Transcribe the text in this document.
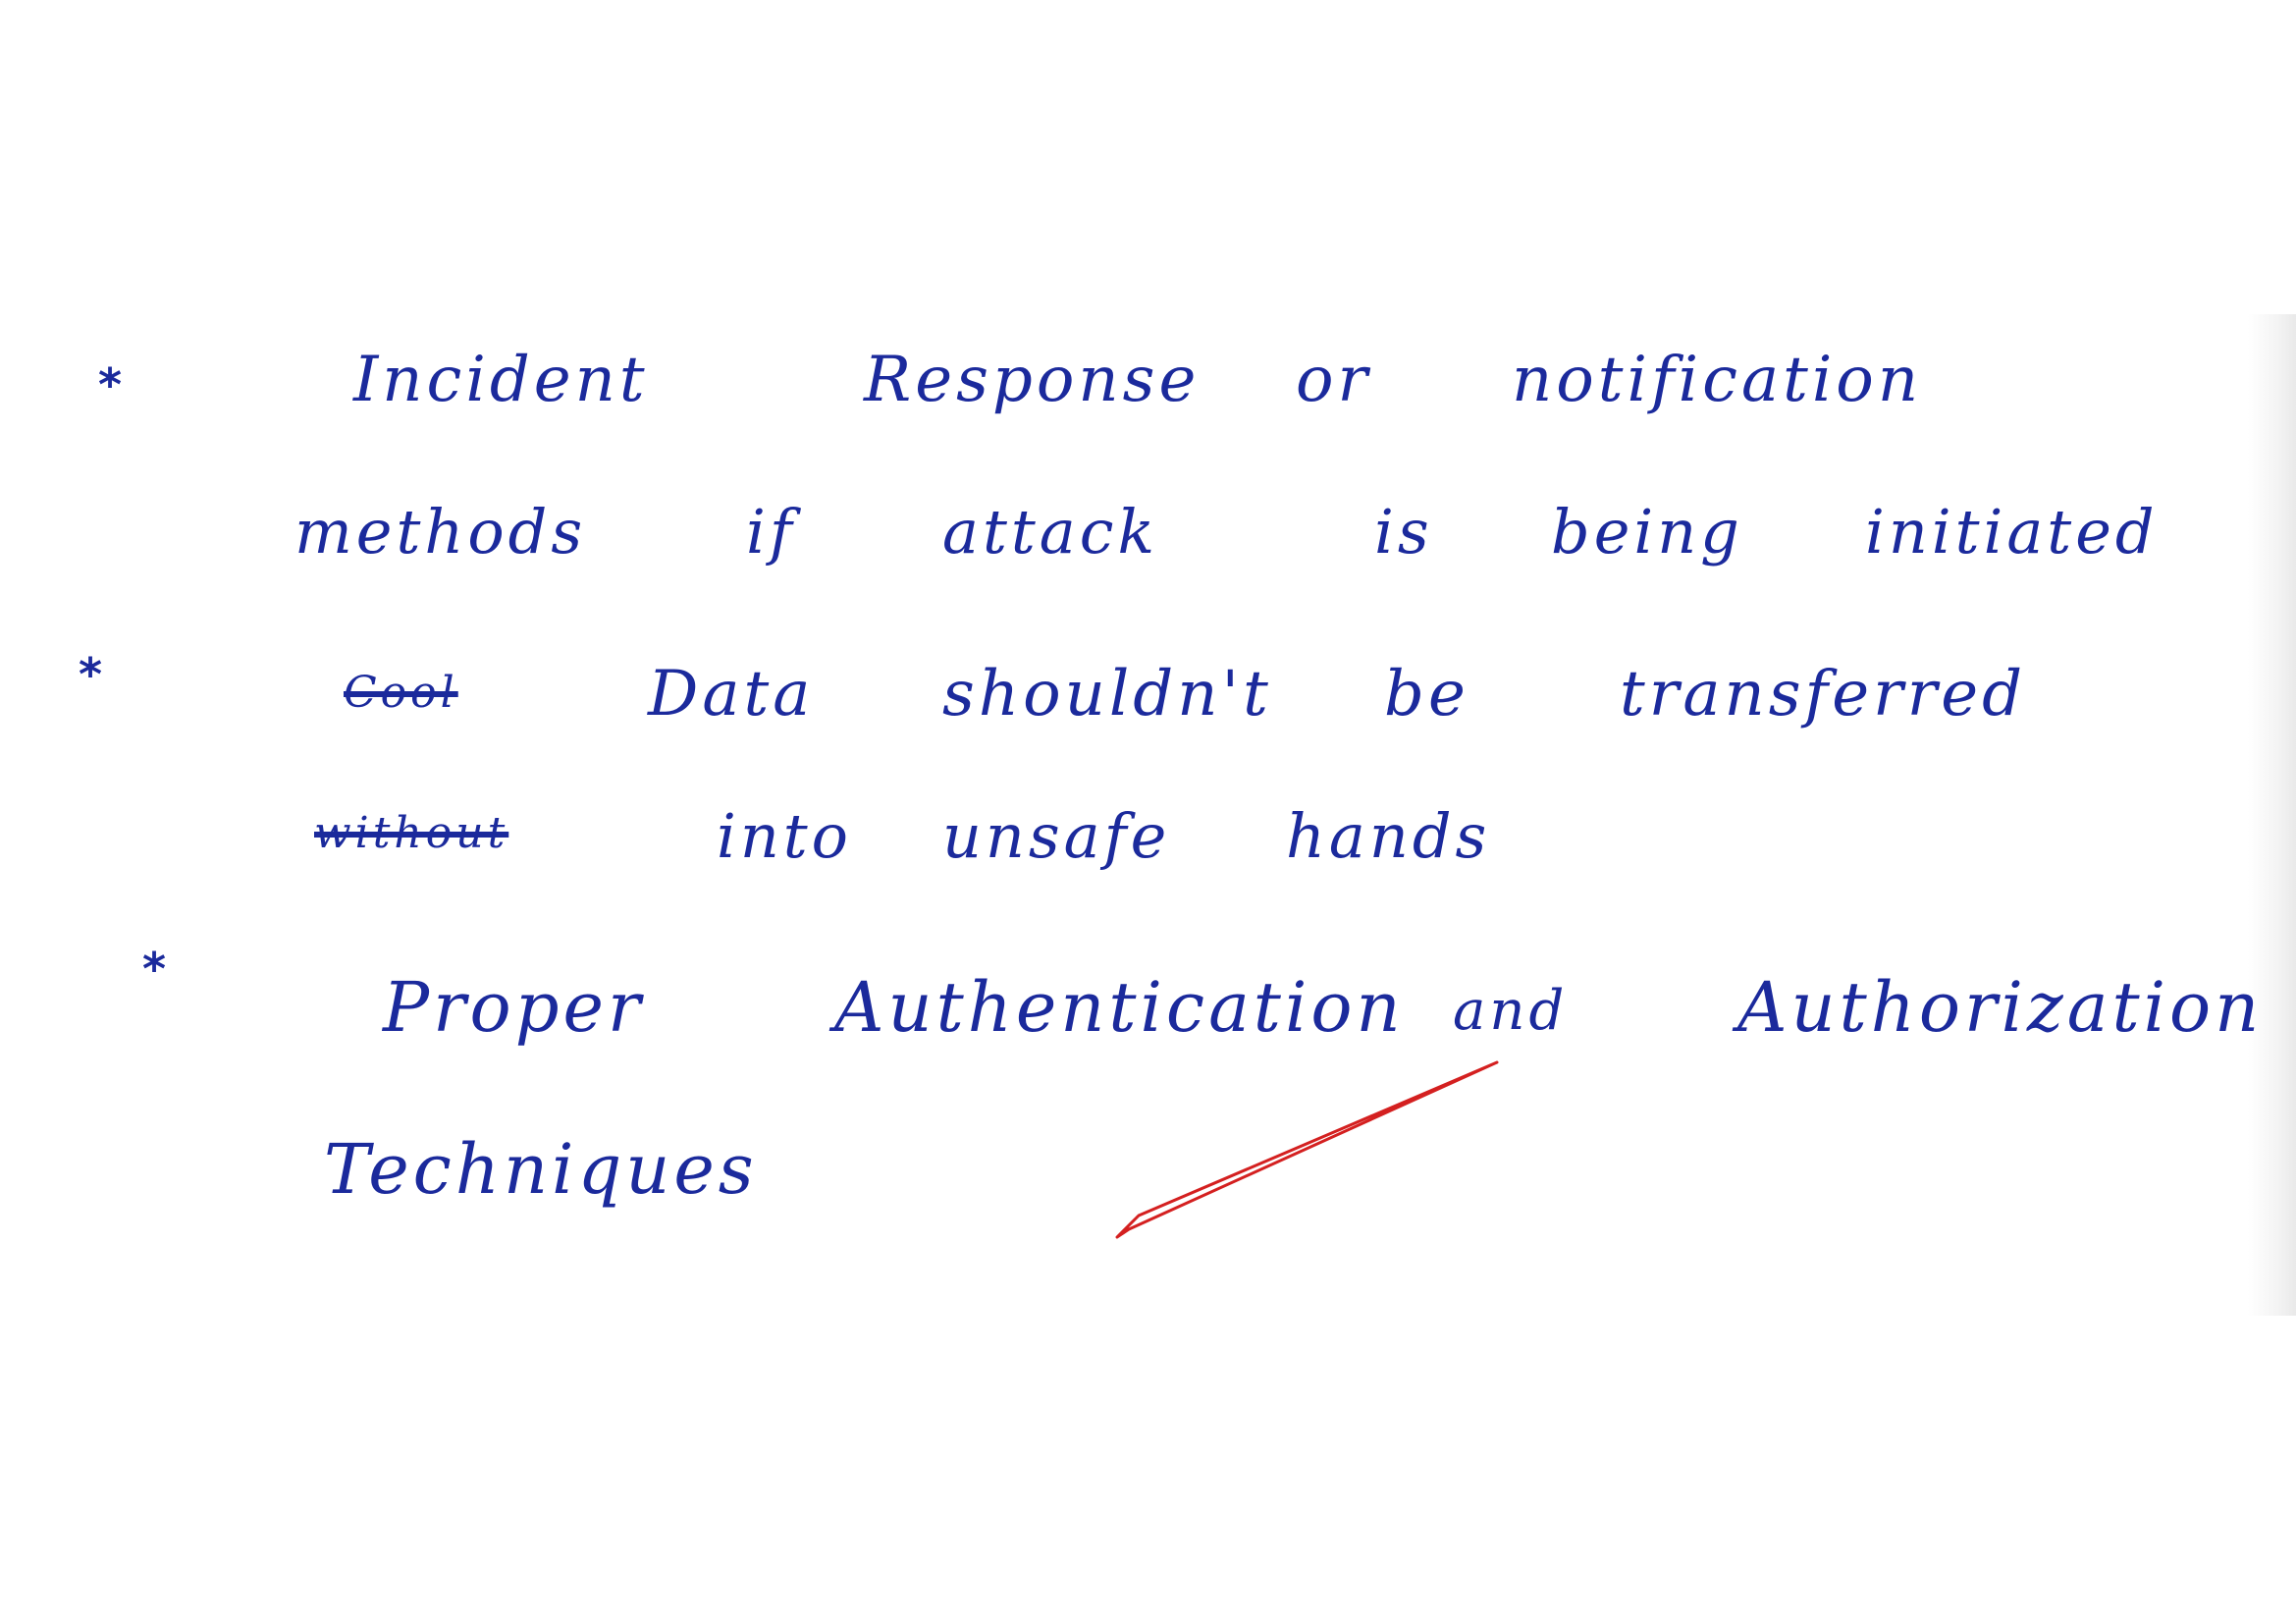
*	Incident	Response or notification
methods	if attack	is being initiated
*	Cool	Data shouldn't be transferred
without	into unsafe hands
*	Proper	Authentication and Authorization
Techniques
